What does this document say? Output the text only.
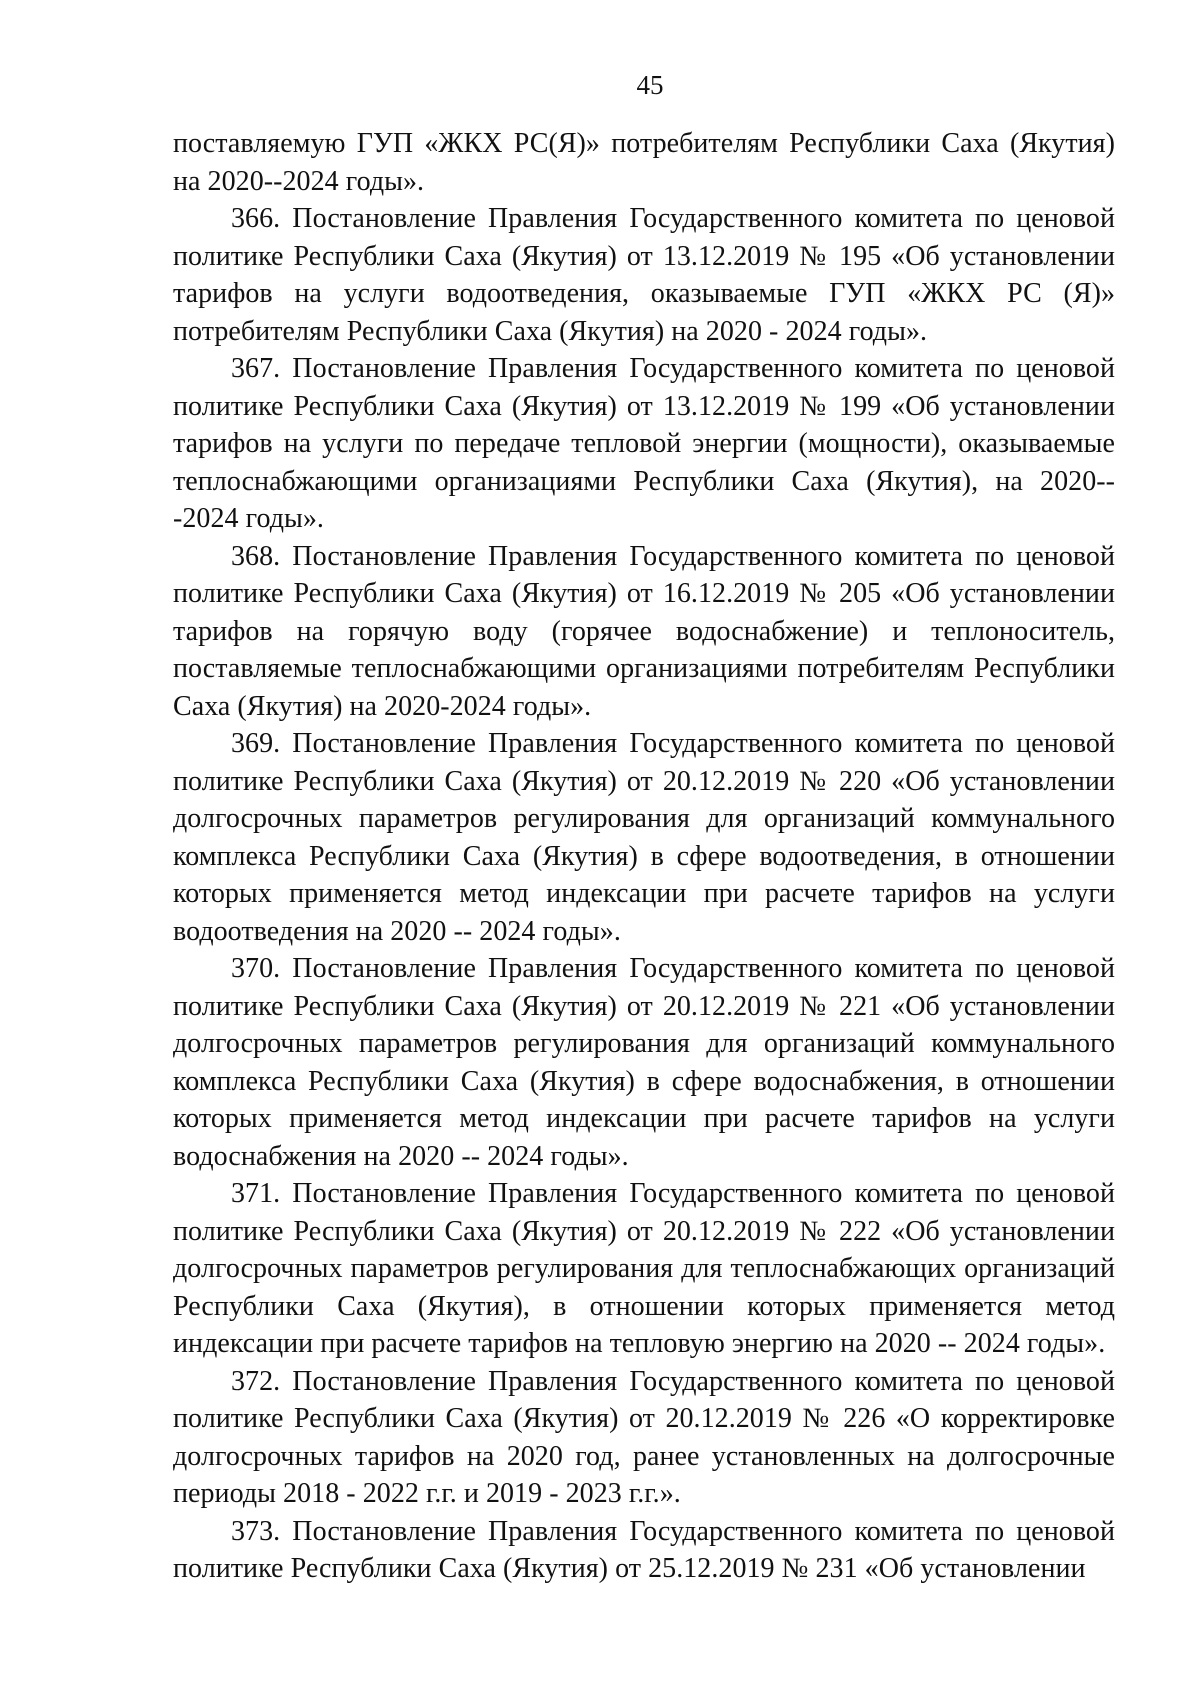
45

поставляемую ГУП «ЖКХ РС(Я)» потребителям Республики Саха (Якутия) на 2020--2024 годы».

366. Постановление Правления Государственного комитета по ценовой политике Республики Саха (Якутия) от 13.12.2019 № 195 «Об установлении тарифов на услуги водоотведения, оказываемые ГУП «ЖКХ РС (Я)» потребителям Республики Саха (Якутия) на 2020 - 2024 годы».

367. Постановление Правления Государственного комитета по ценовой политике Республики Саха (Якутия) от 13.12.2019 № 199 «Об установлении тарифов на услуги по передаче тепловой энергии (мощности), оказываемые теплоснабжающими организациями Республики Саха (Якутия), на 2020---2024 годы».

368. Постановление Правления Государственного комитета по ценовой политике Республики Саха (Якутия) от 16.12.2019 № 205 «Об установлении тарифов на горячую воду (горячее водоснабжение) и теплоноситель, поставляемые теплоснабжающими организациями потребителям Республики Саха (Якутия) на 2020-2024 годы».

369. Постановление Правления Государственного комитета по ценовой политике Республики Саха (Якутия) от 20.12.2019 № 220 «Об установлении долгосрочных параметров регулирования для организаций коммунального комплекса Республики Саха (Якутия) в сфере водоотведения, в отношении которых применяется метод индексации при расчете тарифов на услуги водоотведения на 2020 -- 2024 годы».

370. Постановление Правления Государственного комитета по ценовой политике Республики Саха (Якутия) от 20.12.2019 № 221 «Об установлении долгосрочных параметров регулирования для организаций коммунального комплекса Республики Саха (Якутия) в сфере водоснабжения, в отношении которых применяется метод индексации при расчете тарифов на услуги водоснабжения на 2020 -- 2024 годы».

371. Постановление Правления Государственного комитета по ценовой политике Республики Саха (Якутия) от 20.12.2019 № 222 «Об установлении долгосрочных параметров регулирования для теплоснабжающих организаций Республики Саха (Якутия), в отношении которых применяется метод индексации при расчете тарифов на тепловую энергию на 2020 -- 2024 годы».

372. Постановление Правления Государственного комитета по ценовой политике Республики Саха (Якутия) от 20.12.2019 № 226 «О корректировке долгосрочных тарифов на 2020 год, ранее установленных на долгосрочные периоды 2018 - 2022 г.г. и 2019 - 2023 г.г.».

373. Постановление Правления Государственного комитета по ценовой политике Республики Саха (Якутия) от 25.12.2019 № 231 «Об установлении
